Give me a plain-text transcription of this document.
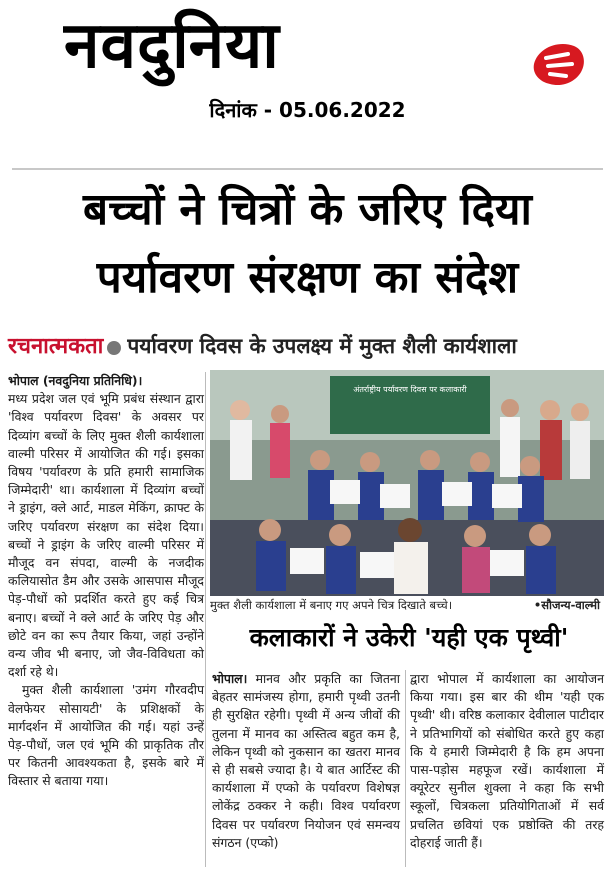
नवदुनिया
दिनांक - 05.06.2022
बच्चों ने चित्रों के जरिए दिया
पर्यावरण संरक्षण का संदेश
रचनात्मकता पर्यावरण दिवस के उपलक्ष्य में मुक्त शैली कार्यशाला

भोपाल (नवदुनिया प्रतिनिधि)।

मध्य प्रदेश जल एवं भूमि प्रबंध संस्थान द्वारा 'विश्व पर्यावरण दिवस' के अवसर पर दिव्यांग बच्चों के लिए मुक्त शैली कार्यशाला वाल्मी परिसर में आयोजित की गई। इसका विषय 'पर्यावरण के प्रति हमारी सामाजिक जिम्मेदारी' था। कार्यशाला में दिव्यांग बच्चों ने ड्राइंग, क्ले आर्ट, माडल मेकिंग, क्राफ्ट के जरिए पर्यावरण संरक्षण का संदेश दिया। बच्चों ने ड्राइंग के जरिए वाल्मी परिसर में मौजूद वन संपदा, वाल्मी के नजदीक कलियासोत डैम और उसके आसपास मौजूद पेड़-पौधों को प्रदर्शित करते हुए कई चित्र बनाए। बच्चों ने क्ले आर्ट के जरिए पेड़ और छोटे वन का रूप तैयार किया, जहां उन्होंने वन्य जीव भी बनाए, जो जैव-विविधता को दर्शा रहे थे।

मुक्त शैली कार्यशाला 'उमंग गौरवदीप वेलफेयर सोसायटी' के प्रशिक्षकों के मार्गदर्शन में आयोजित की गई। यहां उन्हें पेड़-पौधों, जल एवं भूमि की प्राकृतिक तौर पर कितनी आवश्यकता है, इसके बारे में विस्तार से बताया गया।

अंतर्राष्ट्रीय पर्यावरण दिवस पर कलाकारी
मुक्त शैली कार्यशाला में बनाए गए अपने चित्र दिखाते बच्चे।	•सौजन्य-वाल्मी
कलाकारों ने उकेरी 'यही एक पृथ्वी'

भोपाल। मानव और प्रकृति का जितना बेहतर सामंजस्य होगा, हमारी पृथ्वी उतनी ही सुरक्षित रहेगी। पृथ्वी में अन्य जीवों की तुलना में मानव का अस्तित्व बहुत कम है, लेकिन पृथ्वी को नुकसान का खतरा मानव से ही सबसे ज्यादा है। ये बात आर्टिस्ट की कार्यशाला में एप्को के पर्यावरण विशेषज्ञ लोकेंद्र ठक्कर ने कही। विश्व पर्यावरण दिवस पर पर्यावरण नियोजन एवं समन्वय संगठन (एप्को)

द्वारा भोपाल में कार्यशाला का आयोजन किया गया। इस बार की थीम 'यही एक पृथ्वी' थी। वरिष्ठ कलाकार देवीलाल पाटीदार ने प्रतिभागियों को संबोधित करते हुए कहा कि ये हमारी जिम्मेदारी है कि हम अपना पास-पड़ोस महफूज रखें। कार्यशाला में क्यूरेटर सुनील शुक्ला ने कहा कि सभी स्कूलों, चित्रकला प्रतियोगिताओं में सर्व प्रचलित छवियां एक प्रष्ठोक्ति की तरह दोहराई जाती हैं।
